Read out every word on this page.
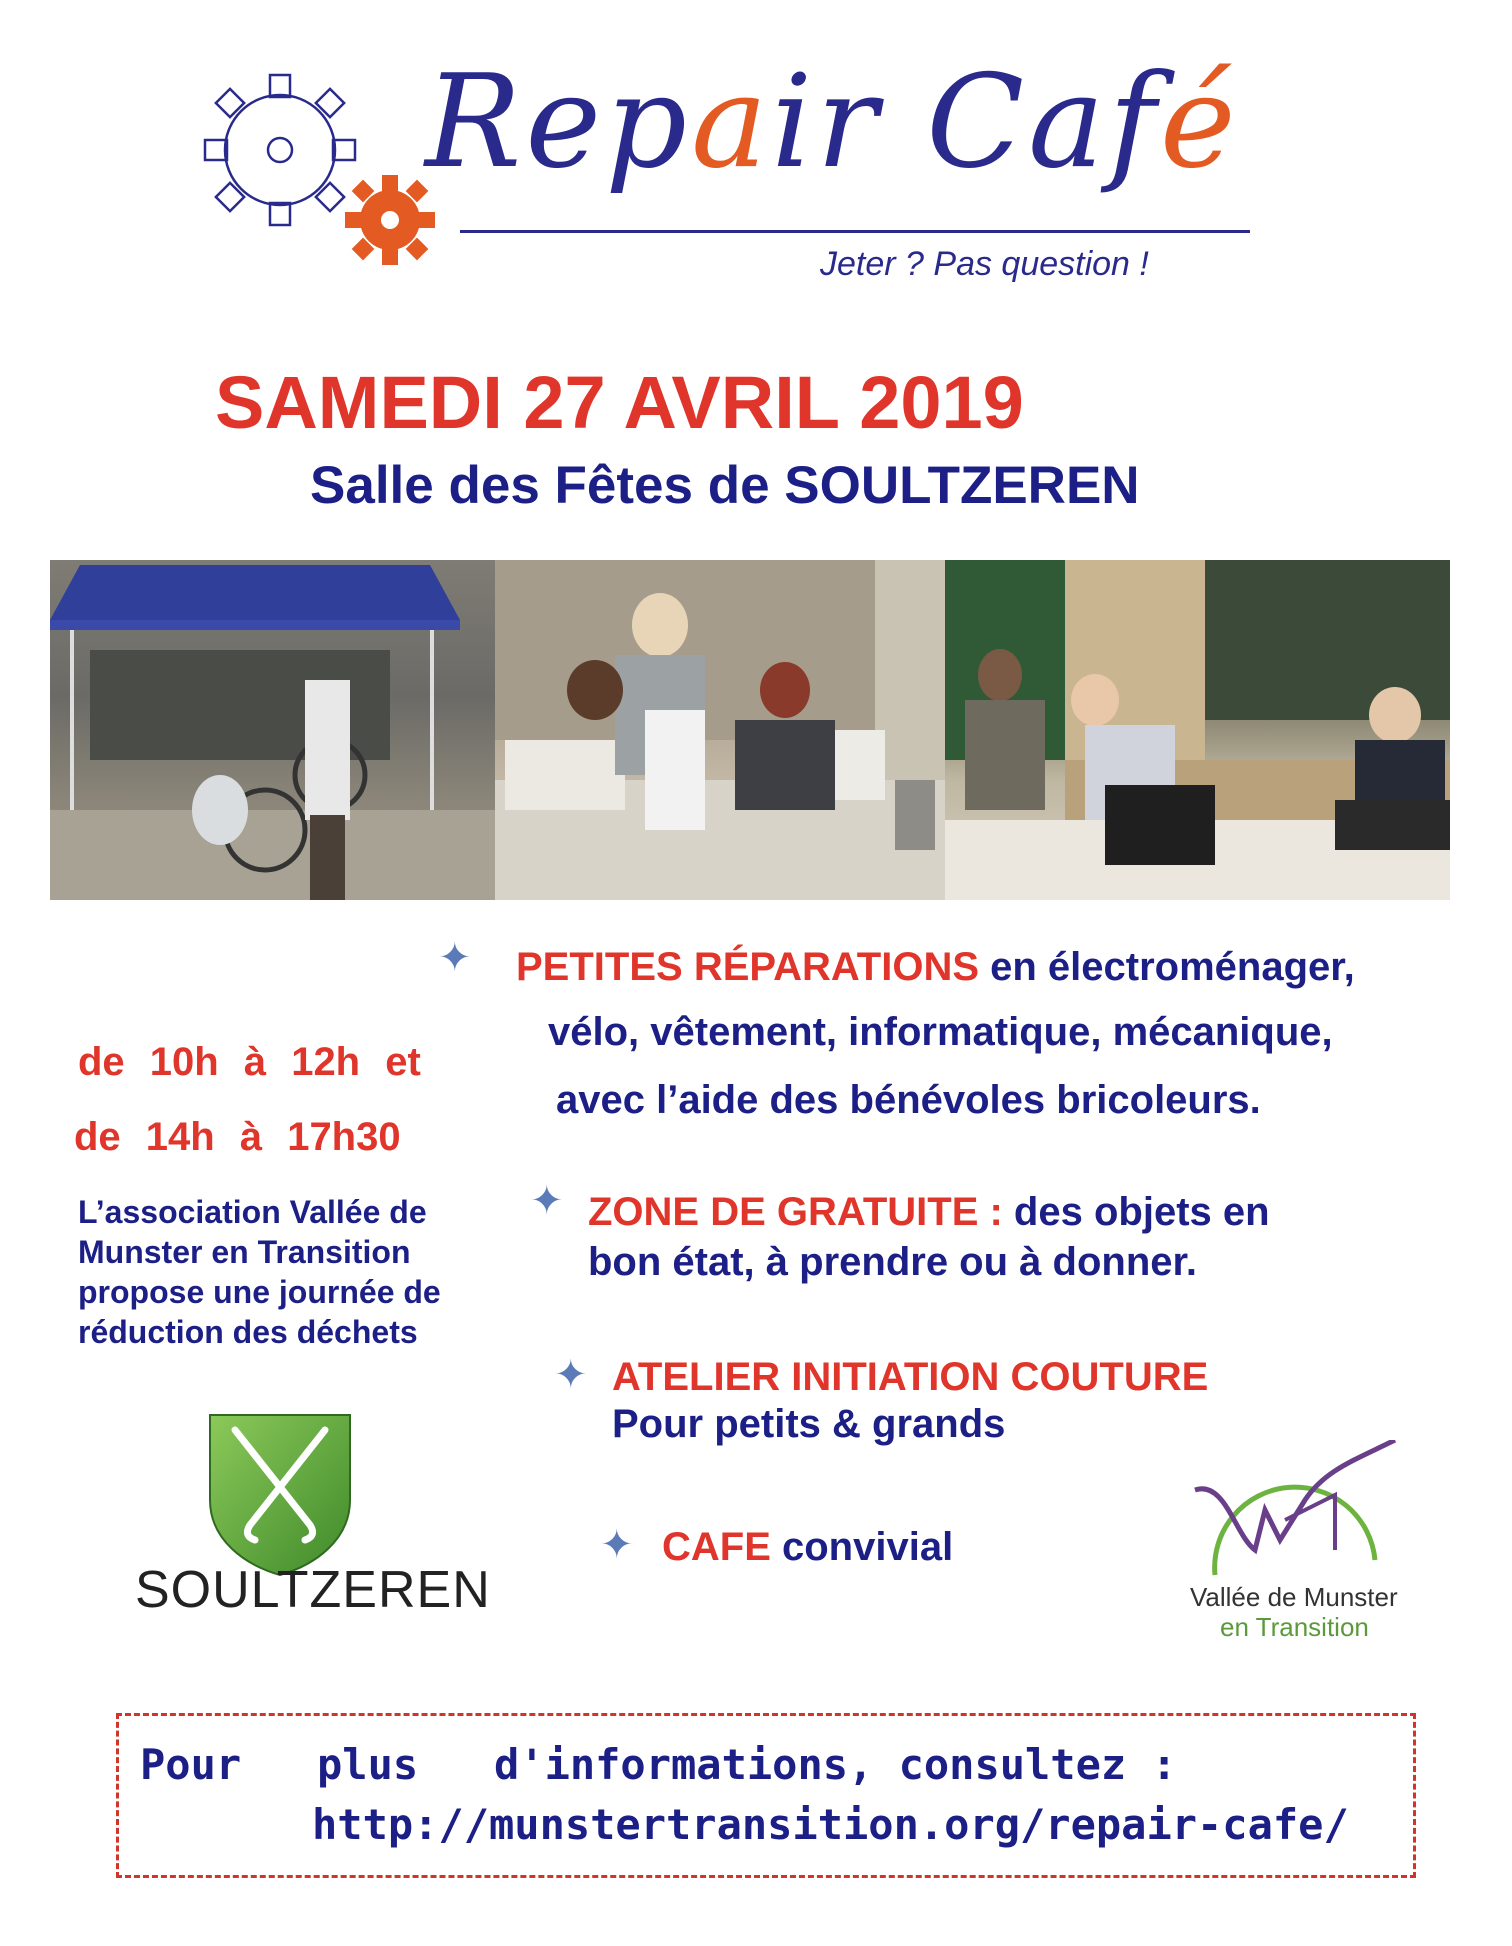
Repair Café
Jeter ? Pas question !
SAMEDI 27 AVRIL 2019
Salle des Fêtes de SOULTZEREN
de 10h à 12h et
de 14h à 17h30
L’association Vallée de Munster en Transition propose une journée de réduction des déchets
✦ PETITES RÉPARATIONS en électroménager,
vélo, vêtement, informatique, mécanique,
avec l’aide des bénévoles bricoleurs.
✦ ZONE DE GRATUITE : des objets en
bon état, à prendre ou à donner.
✦ ATELIER INITIATION COUTURE
Pour petits & grands
✦ CAFE convivial
SOULTZEREN	Vallée de Munster
en Transition
Pour   plus   d'informations, consultez :
http://munstertransition.org/repair-cafe/
